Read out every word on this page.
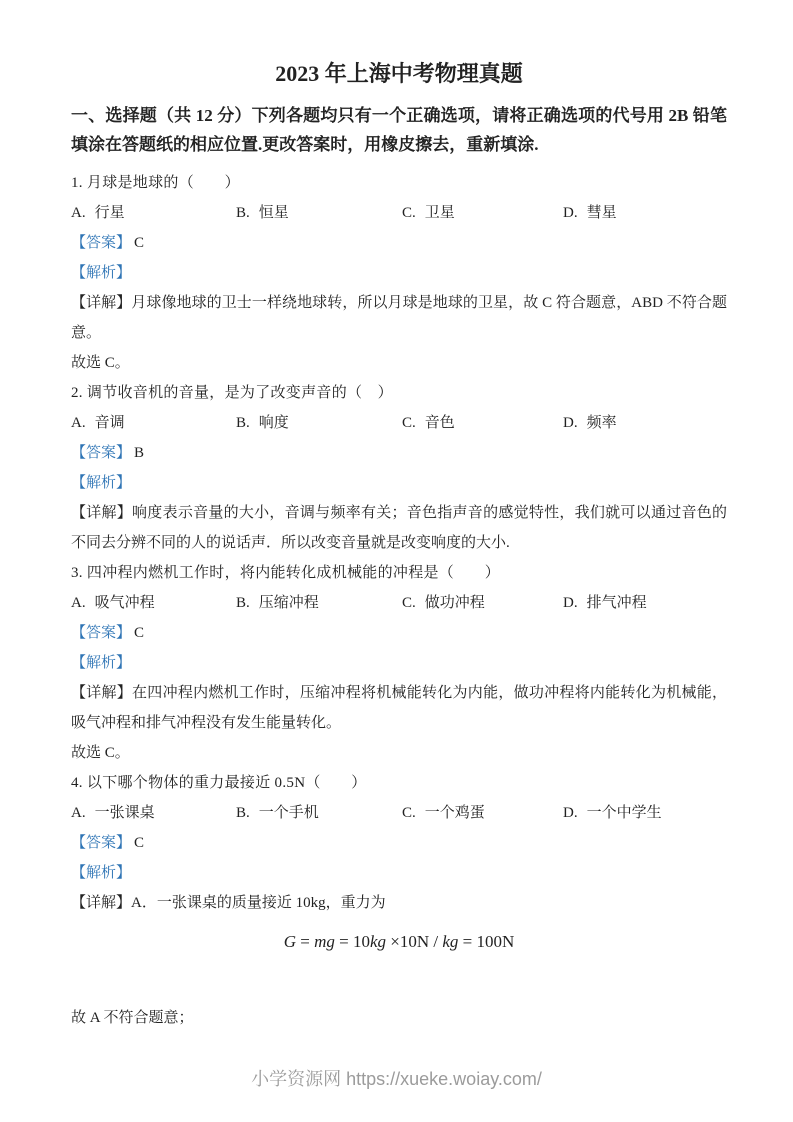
2023 年上海中考物理真题

一、选择题（共 12 分）下列各题均只有一个正确选项，请将正确选项的代号用 2B 铅笔填涂在答题纸的相应位置.更改答案时，用橡皮擦去，重新填涂.

1. 月球是地球的（　　）

A. 行星	B. 恒星	C. 卫星	D. 彗星

【答案】 C

【解析】

【详解】月球像地球的卫士一样绕地球转，所以月球是地球的卫星，故 C 符合题意，ABD 不符合题意。

故选 C。

2. 调节收音机的音量，是为了改变声音的（　）

A. 音调	B. 响度	C. 音色	D. 频率

【答案】 B

【解析】

【详解】响度表示音量的大小，音调与频率有关；音色指声音的感觉特性，我们就可以通过音色的不同去分辨不同的人的说话声．所以改变音量就是改变响度的大小.

3. 四冲程内燃机工作时，将内能转化成机械能的冲程是（　　）

A. 吸气冲程	B. 压缩冲程	C. 做功冲程	D. 排气冲程

【答案】 C

【解析】

【详解】在四冲程内燃机工作时，压缩冲程将机械能转化为内能，做功冲程将内能转化为机械能，吸气冲程和排气冲程没有发生能量转化。

故选 C。

4. 以下哪个物体的重力最接近 0.5N（　　）

A. 一张课桌	B. 一个手机	C. 一个鸡蛋	D. 一个中学生

【答案】 C

【解析】

【详解】A．一张课桌的质量接近 10kg，重力为

G = mg = 10kg ×10N / kg = 100N

故 A 不符合题意；

小学资源网 https://xueke.woiay.com/
